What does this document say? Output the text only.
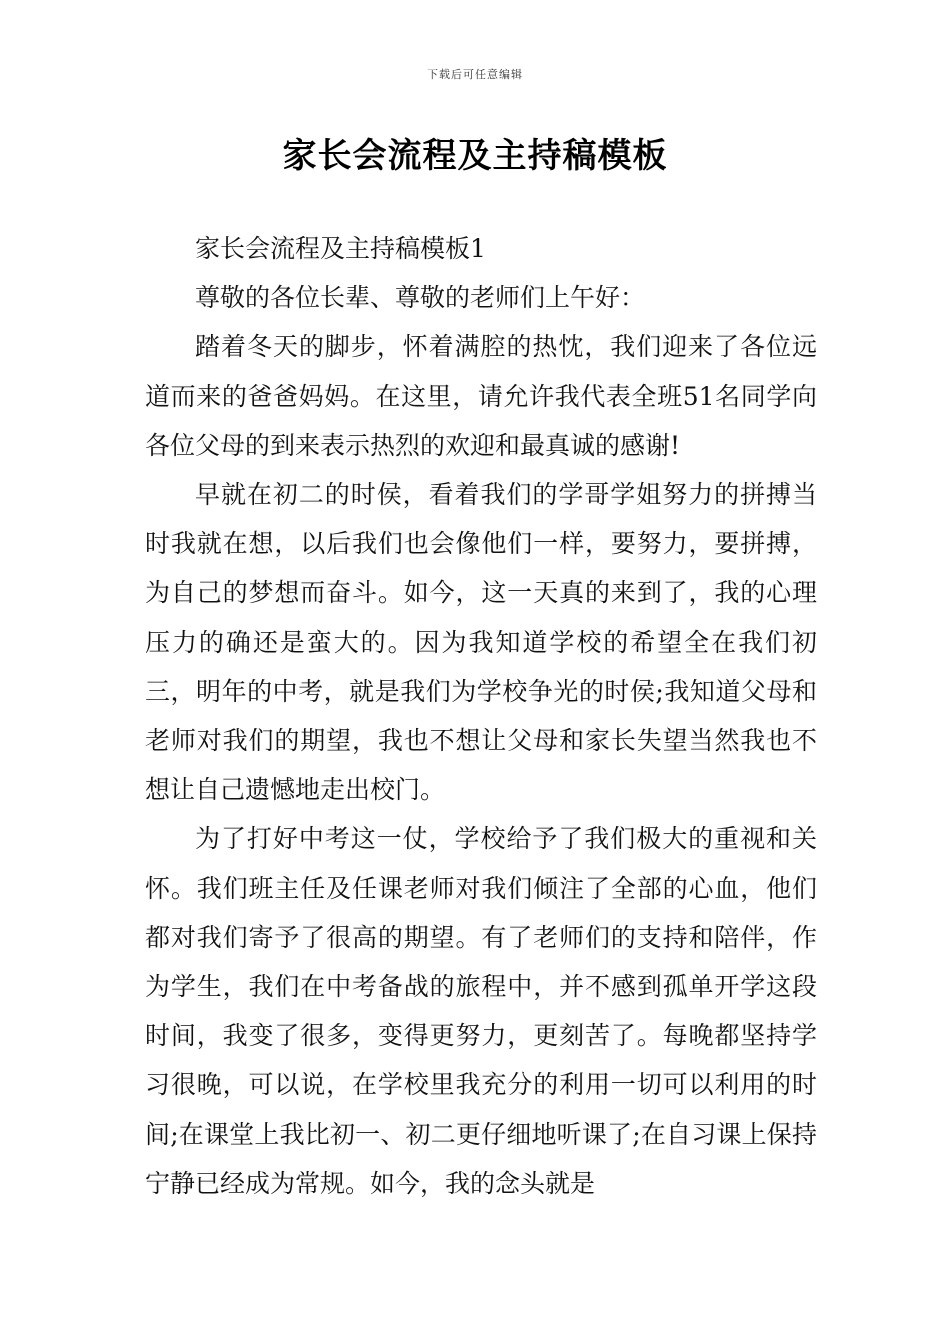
下载后可任意编辑
家长会流程及主持稿模板

家长会流程及主持稿模板1

尊敬的各位长辈、尊敬的老师们上午好：

踏着冬天的脚步，怀着满腔的热忱，我们迎来了各位远道而来的爸爸妈妈。在这里，请允许我代表全班51名同学向各位父母的到来表示热烈的欢迎和最真诚的感谢!

早就在初二的时侯，看着我们的学哥学姐努力的拼搏当时我就在想，以后我们也会像他们一样，要努力，要拼搏，为自己的梦想而奋斗。如今，这一天真的来到了，我的心理压力的确还是蛮大的。因为我知道学校的希望全在我们初三，明年的中考，就是我们为学校争光的时侯;我知道父母和老师对我们的期望，我也不想让父母和家长失望当然我也不想让自己遗憾地走出校门。

为了打好中考这一仗，学校给予了我们极大的重视和关怀。我们班主任及任课老师对我们倾注了全部的心血，他们都对我们寄予了很高的期望。有了老师们的支持和陪伴，作为学生，我们在中考备战的旅程中，并不感到孤单开学这段时间，我变了很多，变得更努力，更刻苦了。每晚都坚持学习很晚，可以说，在学校里我充分的利用一切可以利用的时间;在课堂上我比初一、初二更仔细地听课了;在自习课上保持宁静已经成为常规。如今，我的念头就是
